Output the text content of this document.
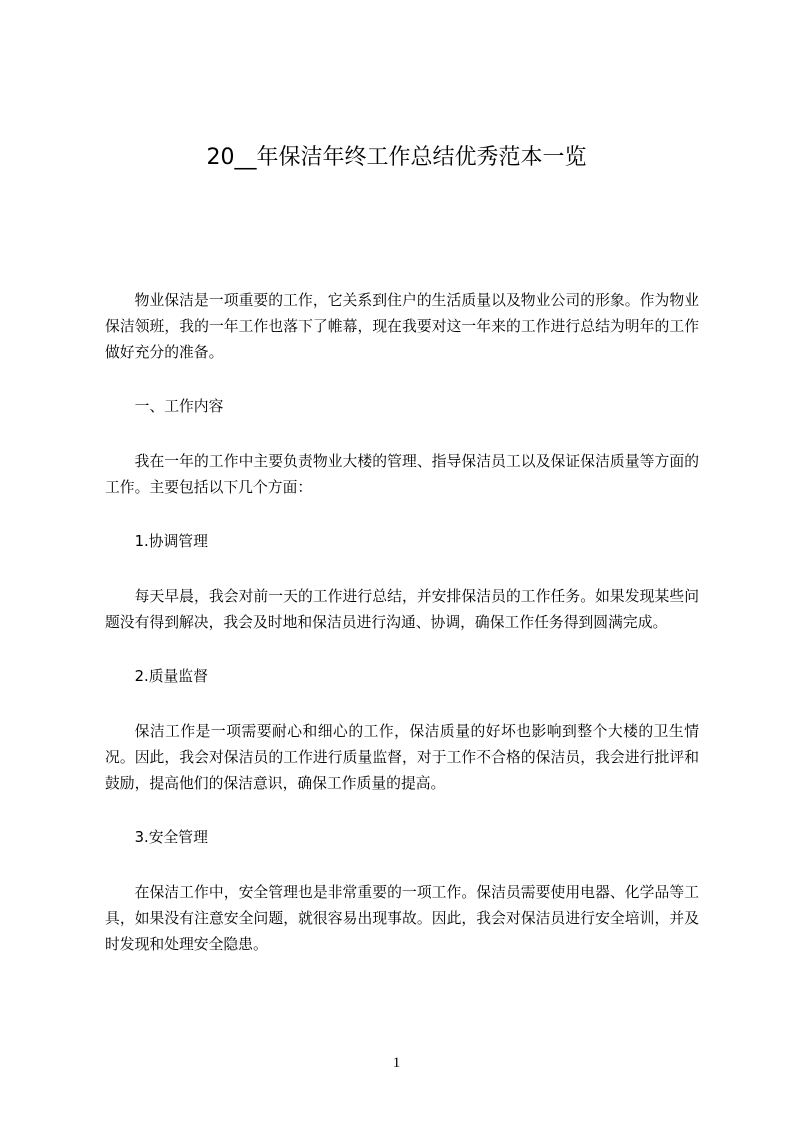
20__年保洁年终工作总结优秀范本一览

物业保洁是一项重要的工作，它关系到住户的生活质量以及物业公司的形象。作为物业保洁领班，我的一年工作也落下了帷幕，现在我要对这一年来的工作进行总结为明年的工作做好充分的准备。

一、工作内容

我在一年的工作中主要负责物业大楼的管理、指导保洁员工以及保证保洁质量等方面的工作。主要包括以下几个方面：

1.协调管理

每天早晨，我会对前一天的工作进行总结，并安排保洁员的工作任务。如果发现某些问题没有得到解决，我会及时地和保洁员进行沟通、协调，确保工作任务得到圆满完成。

2.质量监督

保洁工作是一项需要耐心和细心的工作，保洁质量的好坏也影响到整个大楼的卫生情况。因此，我会对保洁员的工作进行质量监督，对于工作不合格的保洁员，我会进行批评和鼓励，提高他们的保洁意识，确保工作质量的提高。

3.安全管理

在保洁工作中，安全管理也是非常重要的一项工作。保洁员需要使用电器、化学品等工具，如果没有注意安全问题，就很容易出现事故。因此，我会对保洁员进行安全培训，并及时发现和处理安全隐患。

1
